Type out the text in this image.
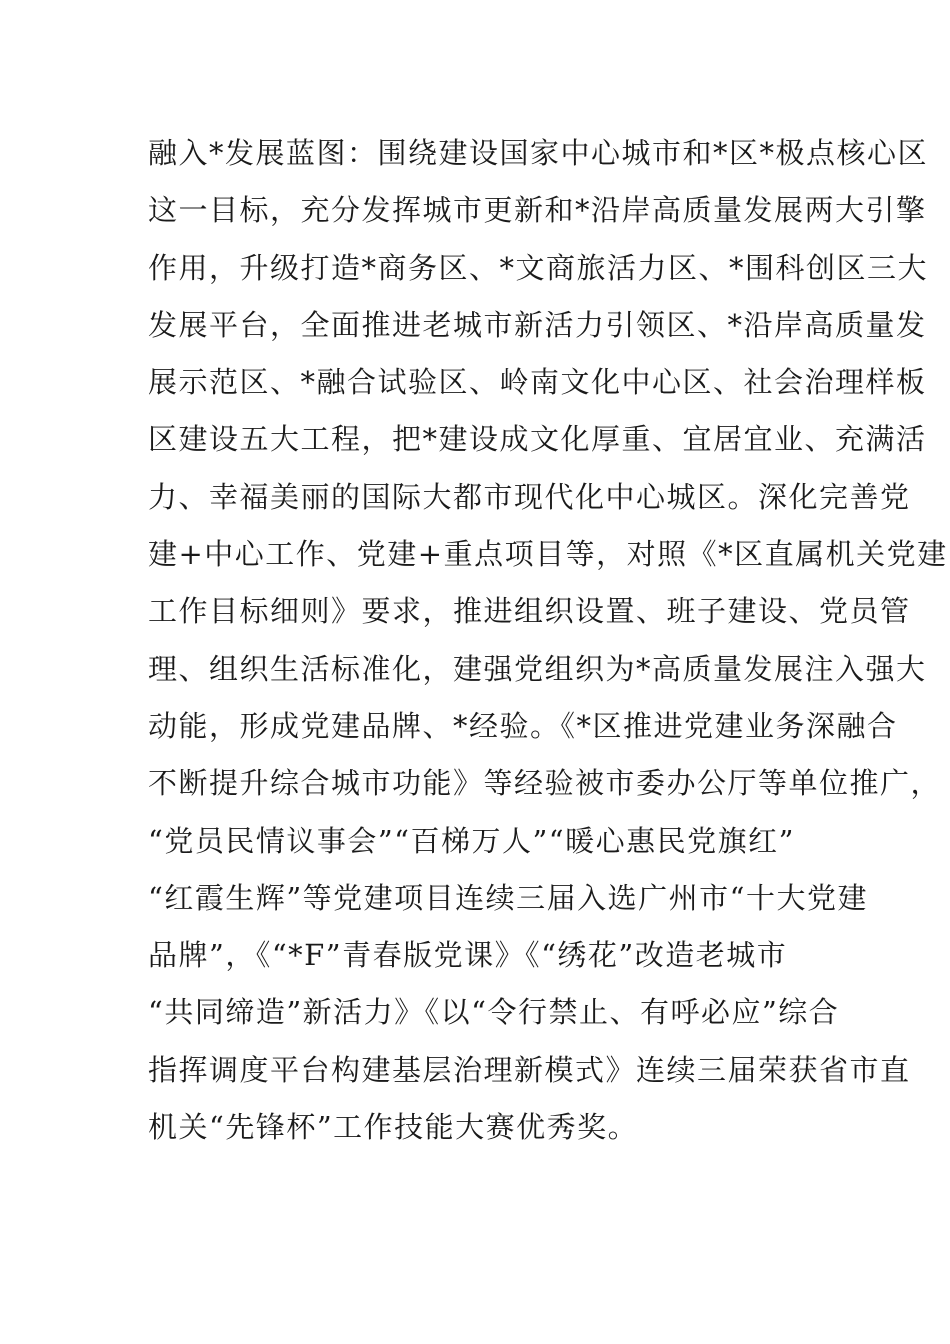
融入*发展蓝图：围绕建设国家中心城市和*区*极点核心区
这一目标，充分发挥城市更新和*沿岸高质量发展两大引擎
作用，升级打造*商务区、*文商旅活力区、*围科创区三大
发展平台，全面推进老城市新活力引领区、*沿岸高质量发
展示范区、*融合试验区、岭南文化中心区、社会治理样板
区建设五大工程，把*建设成文化厚重、宜居宜业、充满活
力、幸福美丽的国际大都市现代化中心城区。深化完善党
建+中心工作、党建+重点项目等，对照《*区直属机关党建
工作目标细则》要求，推进组织设置、班子建设、党员管
理、组织生活标准化，建强党组织为*高质量发展注入强大
动能，形成党建品牌、*经验。《*区推进党建业务深融合
不断提升综合城市功能》等经验被市委办公厅等单位推广，
“党员民情议事会”“百梯万人”“暖心惠民党旗红”
“红霞生辉”等党建项目连续三届入选广州市“十大党建
品牌”，《“*F”青春版党课》《“绣花”改造老城市
“共同缔造”新活力》《以“令行禁止、有呼必应”综合
指挥调度平台构建基层治理新模式》连续三届荣获省市直
机关“先锋杯”工作技能大赛优秀奖。
